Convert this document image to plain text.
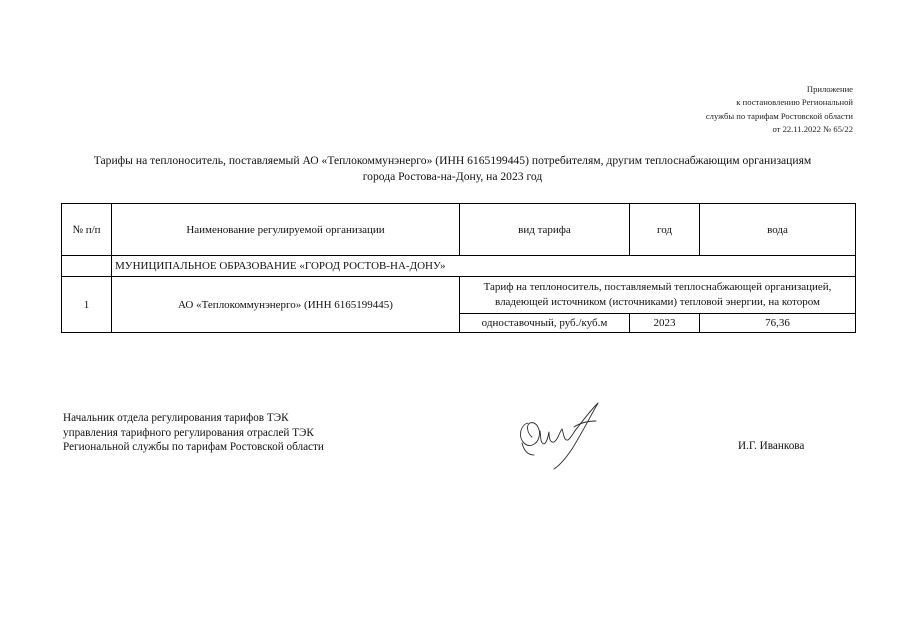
Приложение
к постановлению Региональной
службы по тарифам Ростовской области
от 22.11.2022 № 65/22
Тарифы на теплоноситель, поставляемый АО «Теплокоммунэнерго» (ИНН 6165199445) потребителям, другим теплоснабжающим организациям
города Ростова-на-Дону, на 2023 год
№ п/п	Наименование регулируемой организации	вид тарифа	год	вода
	МУНИЦИПАЛЬНОЕ ОБРАЗОВАНИЕ «ГОРОД РОСТОВ-НА-ДОНУ»			
1	АО «Теплокоммунэнерго» (ИНН 6165199445)	Тариф на теплоноситель, поставляемый теплоснабжающей организацией,
владеющей источником (источниками) тепловой энергии, на котором		

		одноставочный, руб./куб.м	2023	76,36
Начальник отдела регулирования тарифов ТЭК
управления тарифного регулирования отраслей ТЭК
Региональной службы по тарифам Ростовской области	И.Г. Иванкова
